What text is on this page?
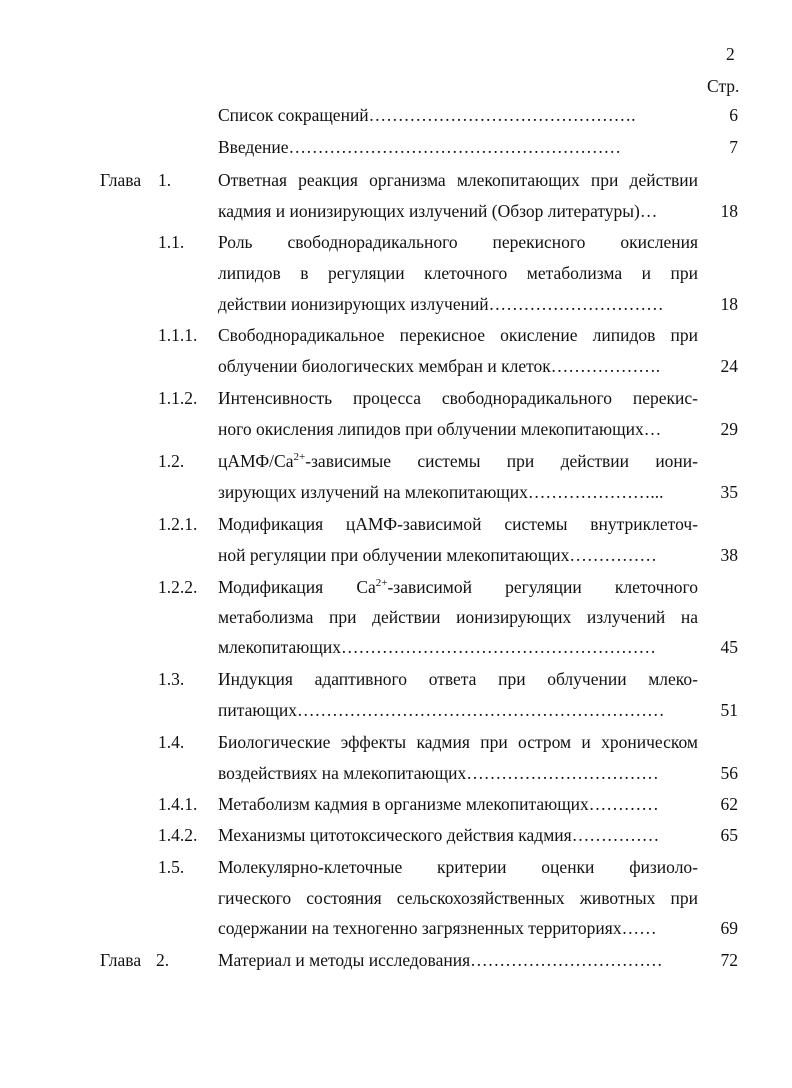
2
Стр.
Список сокращений……………………………………….	6
Введение…………………………………………………	7
Глава 1.	Ответная реакция организма млекопитающих при действии
кадмия и ионизирующих излучений (Обзор литературы)…	18
1.1. Роль свободнорадикального перекисного окисления
липидов в регуляции клеточного метаболизма и при
действии ионизирующих излучений…………………………	18
1.1.1. Свободнорадикальное перекисное окисление липидов при
облучении биологических мембран и клеток……………….	24
1.1.2. Интенсивность процесса свободнорадикального перекис-
ного окисления липидов при облучении млекопитающих…	29
1.2. цАМФ/$Са^{2+}$-зависимые системы при действии иони-
зирующих излучений на млекопитающих…………………...	35
1.2.1. Модификация цАМФ-зависимой системы внутриклеточ-
ной регуляции при облучении млекопитающих……………	38
1.2.2. Модификация $Са^{2+}$-зависимой регуляции клеточного
метаболизма при действии ионизирующих излучений на
млекопитающих………………………………………………	45
1.3. Индукция адаптивного ответа при облучении млеко-
питающих………………………………………………………	51
1.4. Биологические эффекты кадмия при остром и хроническом
воздействиях на млекопитающих……………………………	56
1.4.1. Метаболизм кадмия в организме млекопитающих…………	62
1.4.2. Механизмы цитотоксического действия кадмия……………	65
1.5. Молекулярно-клеточные критерии оценки физиоло-
гического состояния сельскохозяйственных животных при
содержании на техногенно загрязненных территориях……	69
Глава 2.	Материал и методы исследования……………………………	72
